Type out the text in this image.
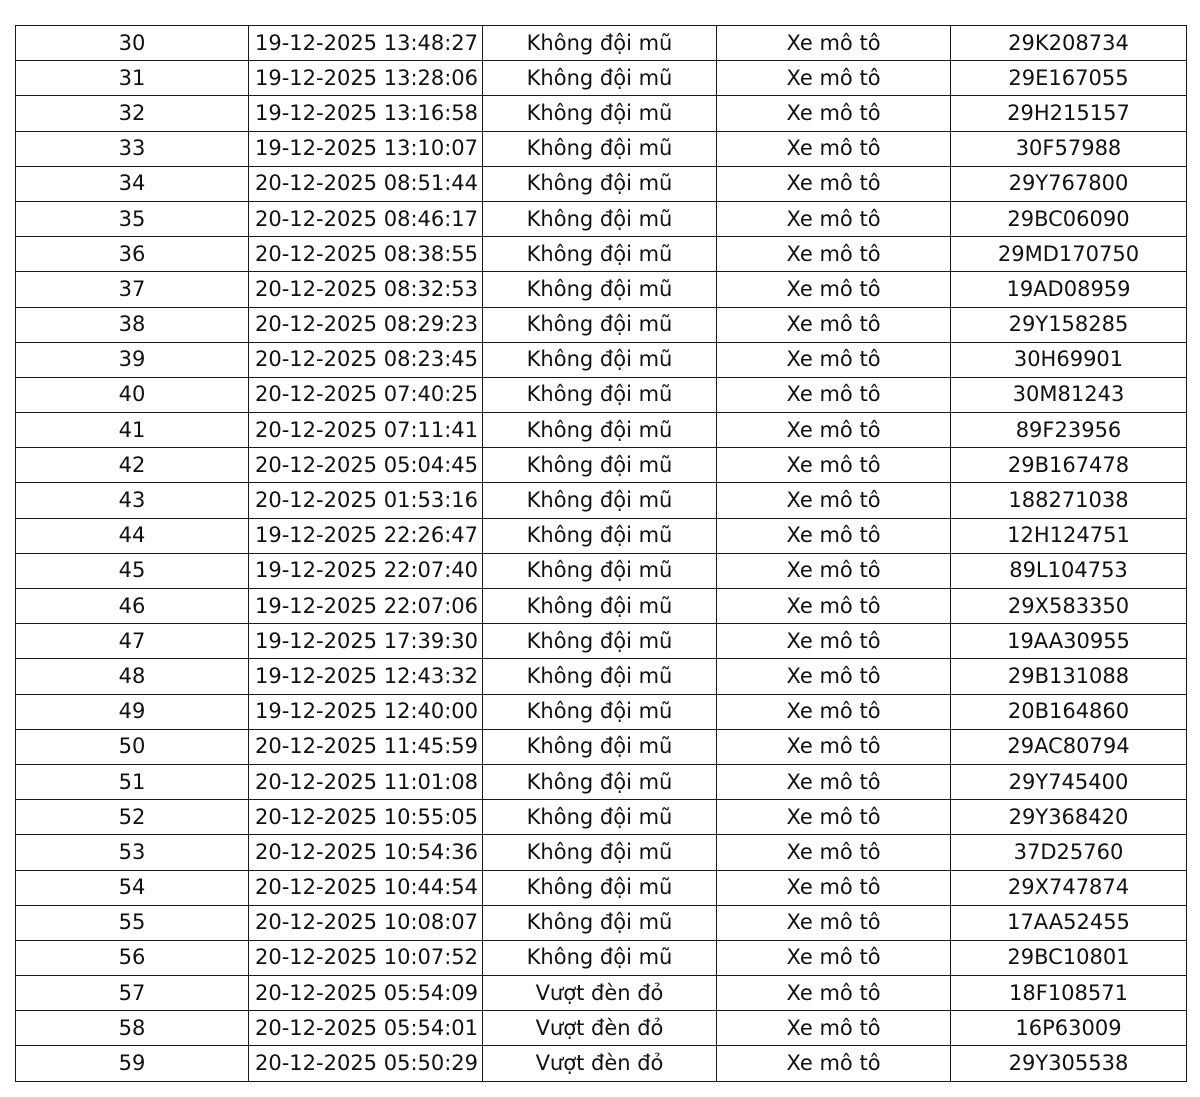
30	19-12-2025 13:48:27	Không đội mũ	Xe mô tô	29K208734
31	19-12-2025 13:28:06	Không đội mũ	Xe mô tô	29E167055
32	19-12-2025 13:16:58	Không đội mũ	Xe mô tô	29H215157
33	19-12-2025 13:10:07	Không đội mũ	Xe mô tô	30F57988
34	20-12-2025 08:51:44	Không đội mũ	Xe mô tô	29Y767800
35	20-12-2025 08:46:17	Không đội mũ	Xe mô tô	29BC06090
36	20-12-2025 08:38:55	Không đội mũ	Xe mô tô	29MD170750
37	20-12-2025 08:32:53	Không đội mũ	Xe mô tô	19AD08959
38	20-12-2025 08:29:23	Không đội mũ	Xe mô tô	29Y158285
39	20-12-2025 08:23:45	Không đội mũ	Xe mô tô	30H69901
40	20-12-2025 07:40:25	Không đội mũ	Xe mô tô	30M81243
41	20-12-2025 07:11:41	Không đội mũ	Xe mô tô	89F23956
42	20-12-2025 05:04:45	Không đội mũ	Xe mô tô	29B167478
43	20-12-2025 01:53:16	Không đội mũ	Xe mô tô	188271038
44	19-12-2025 22:26:47	Không đội mũ	Xe mô tô	12H124751
45	19-12-2025 22:07:40	Không đội mũ	Xe mô tô	89L104753
46	19-12-2025 22:07:06	Không đội mũ	Xe mô tô	29X583350
47	19-12-2025 17:39:30	Không đội mũ	Xe mô tô	19AA30955
48	19-12-2025 12:43:32	Không đội mũ	Xe mô tô	29B131088
49	19-12-2025 12:40:00	Không đội mũ	Xe mô tô	20B164860
50	20-12-2025 11:45:59	Không đội mũ	Xe mô tô	29AC80794
51	20-12-2025 11:01:08	Không đội mũ	Xe mô tô	29Y745400
52	20-12-2025 10:55:05	Không đội mũ	Xe mô tô	29Y368420
53	20-12-2025 10:54:36	Không đội mũ	Xe mô tô	37D25760
54	20-12-2025 10:44:54	Không đội mũ	Xe mô tô	29X747874
55	20-12-2025 10:08:07	Không đội mũ	Xe mô tô	17AA52455
56	20-12-2025 10:07:52	Không đội mũ	Xe mô tô	29BC10801
57	20-12-2025 05:54:09	Vượt đèn đỏ	Xe mô tô	18F108571
58	20-12-2025 05:54:01	Vượt đèn đỏ	Xe mô tô	16P63009
59	20-12-2025 05:50:29	Vượt đèn đỏ	Xe mô tô	29Y305538
